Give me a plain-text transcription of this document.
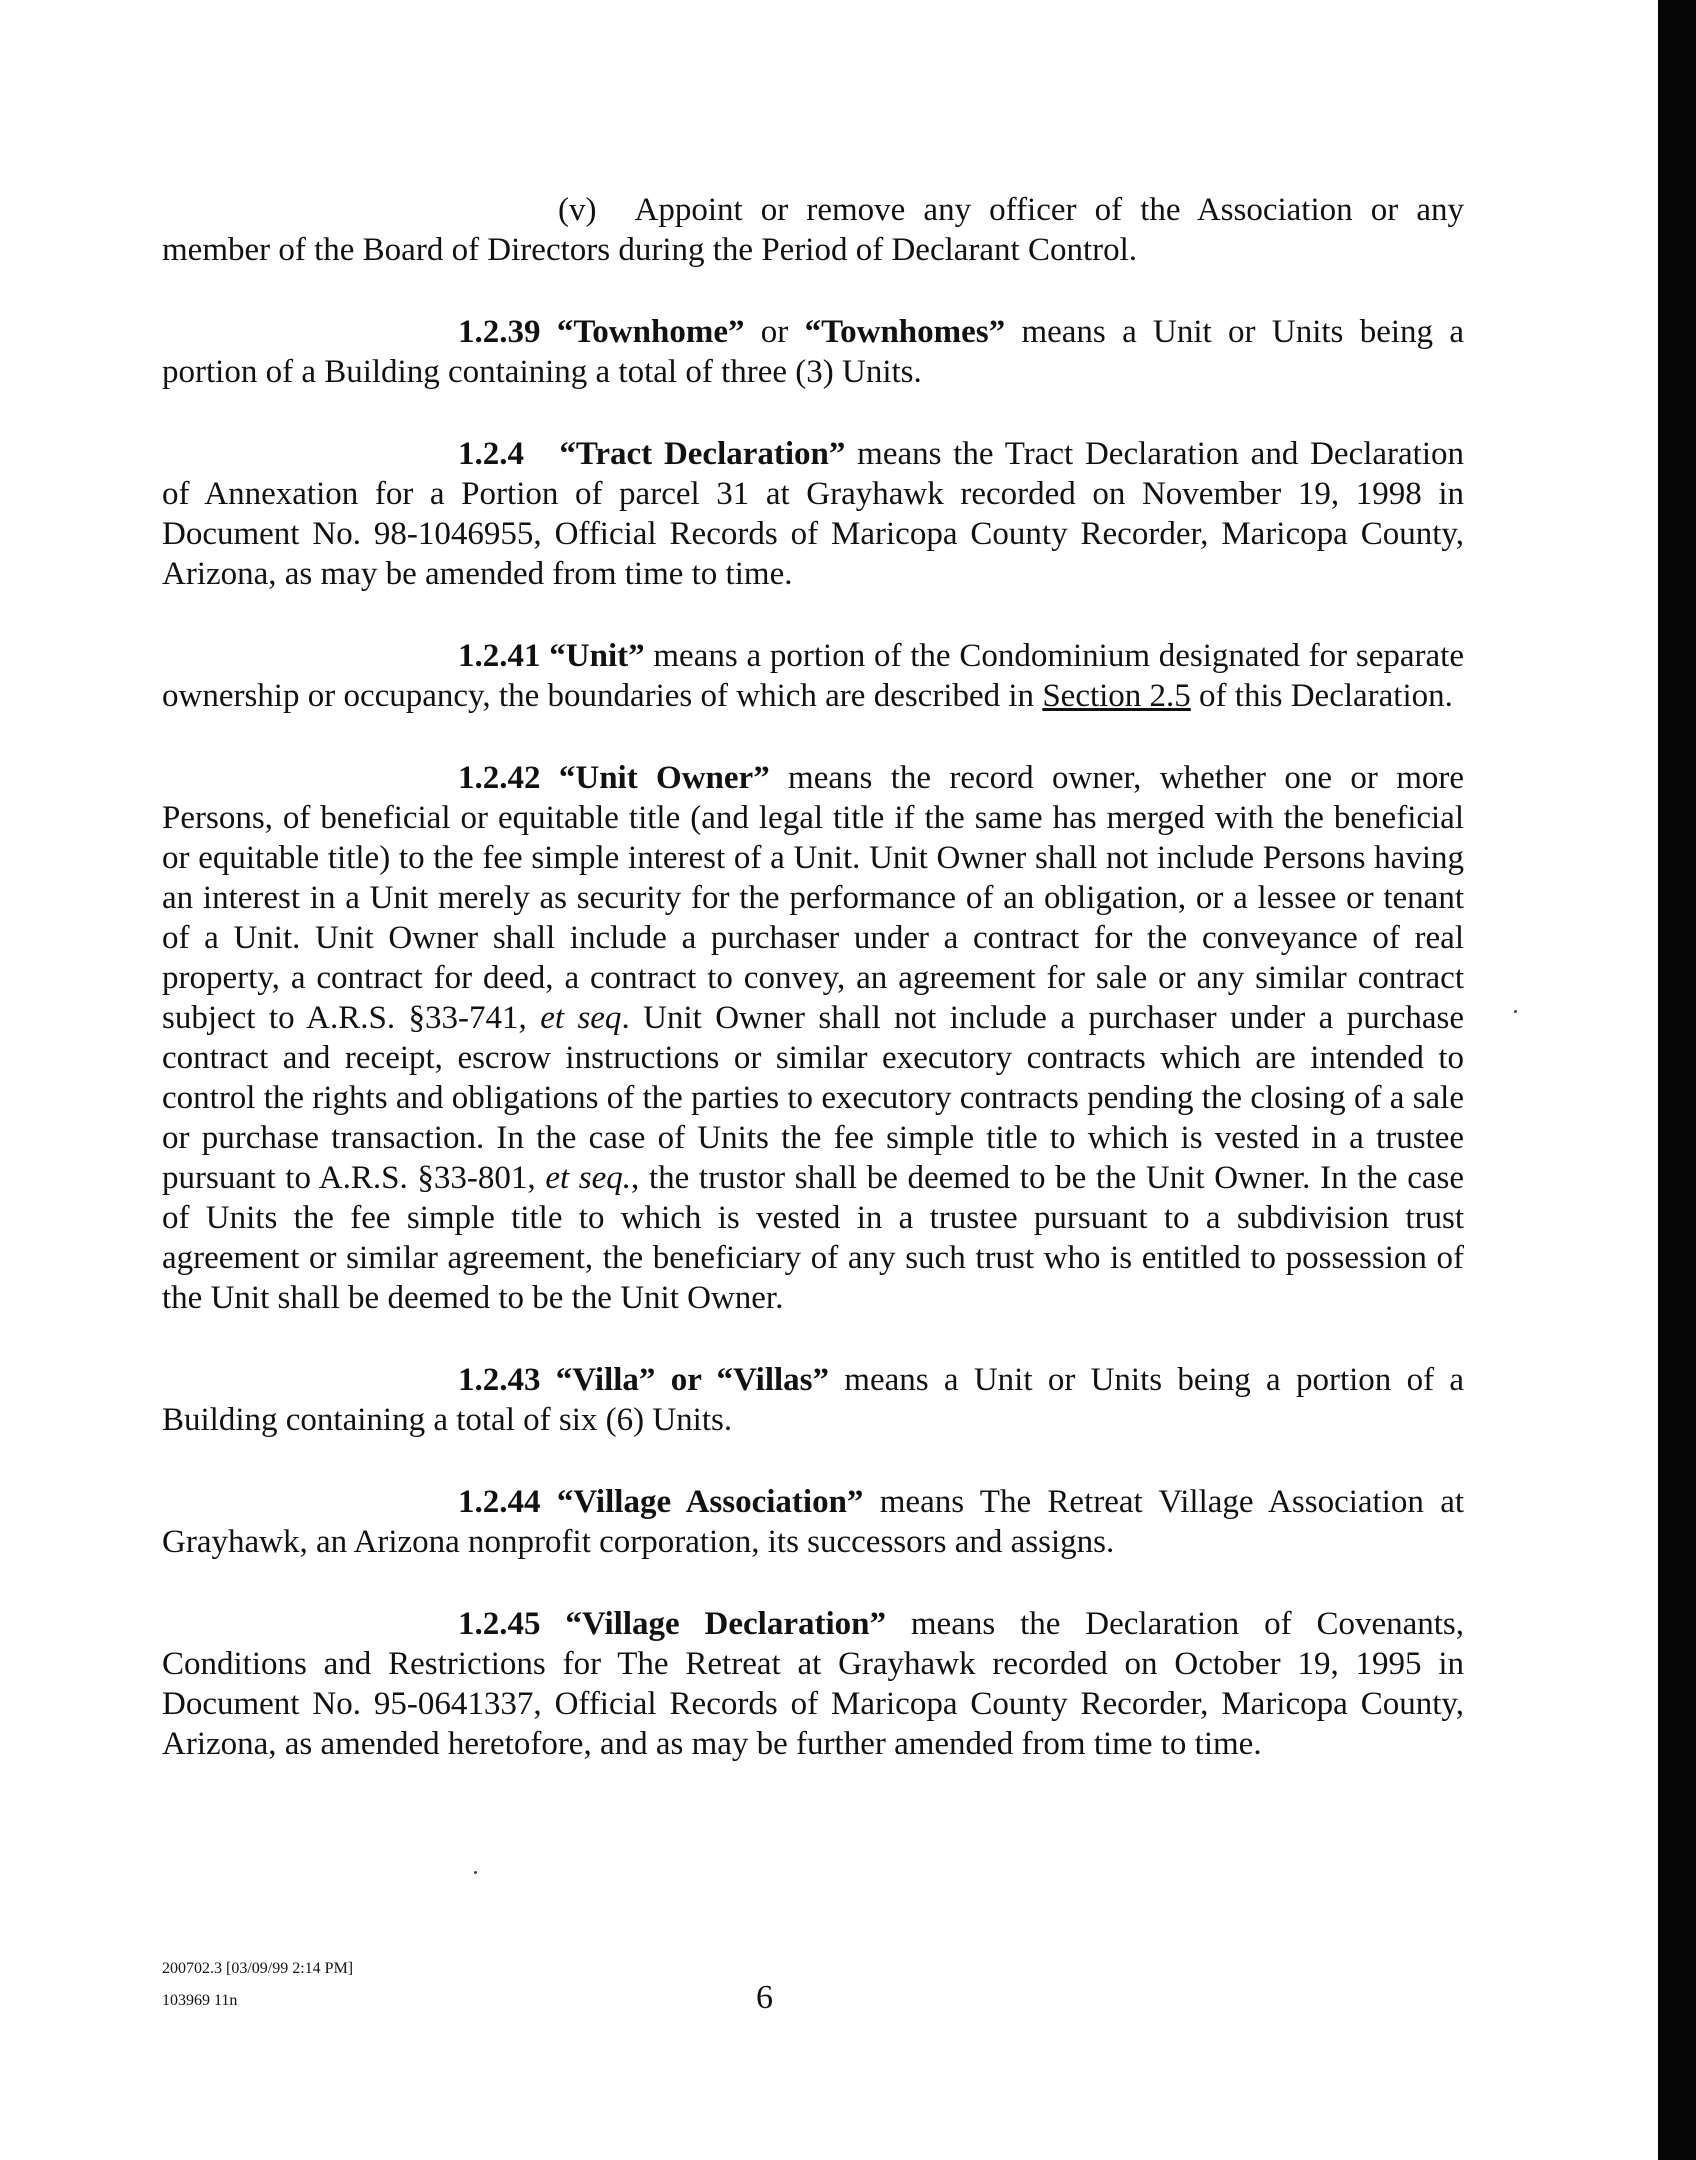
(v) Appoint or remove any officer of the Association or any member of the Board of Directors during the Period of Declarant Control.

1.2.39 “Townhome” or “Townhomes” means a Unit or Units being a portion of a Building containing a total of three (3) Units.

1.2.4 “Tract Declaration” means the Tract Declaration and Declaration of Annexation for a Portion of parcel 31 at Grayhawk recorded on November 19, 1998 in Document No. 98-1046955, Official Records of Maricopa County Recorder, Maricopa County, Arizona, as may be amended from time to time.

1.2.41 “Unit” means a portion of the Condominium designated for separate ownership or occupancy, the boundaries of which are described in Section 2.5 of this Declaration.

1.2.42 “Unit Owner” means the record owner, whether one or more Persons, of beneficial or equitable title (and legal title if the same has merged with the beneficial or equitable title) to the fee simple interest of a Unit. Unit Owner shall not include Persons having an interest in a Unit merely as security for the performance of an obligation, or a lessee or tenant of a Unit. Unit Owner shall include a purchaser under a contract for the conveyance of real property, a contract for deed, a contract to convey, an agreement for sale or any similar contract subject to A.R.S. §33-741, et seq. Unit Owner shall not include a purchaser under a purchase contract and receipt, escrow instructions or similar executory contracts which are intended to control the rights and obligations of the parties to executory contracts pending the closing of a sale or purchase transaction. In the case of Units the fee simple title to which is vested in a trustee pursuant to A.R.S. §33-801, et seq., the trustor shall be deemed to be the Unit Owner. In the case of Units the fee simple title to which is vested in a trustee pursuant to a subdivision trust agreement or similar agreement, the beneficiary of any such trust who is entitled to possession of the Unit shall be deemed to be the Unit Owner.

1.2.43 “Villa” or “Villas” means a Unit or Units being a portion of a Building containing a total of six (6) Units.

1.2.44 “Village Association” means The Retreat Village Association at Grayhawk, an Arizona nonprofit corporation, its successors and assigns.

1.2.45 “Village Declaration” means the Declaration of Covenants, Conditions and Restrictions for The Retreat at Grayhawk recorded on October 19, 1995 in Document No. 95-0641337, Official Records of Maricopa County Recorder, Maricopa County, Arizona, as amended heretofore, and as may be further amended from time to time.

200702.3 [03/09/99 2:14 PM]
103969 11n	6
